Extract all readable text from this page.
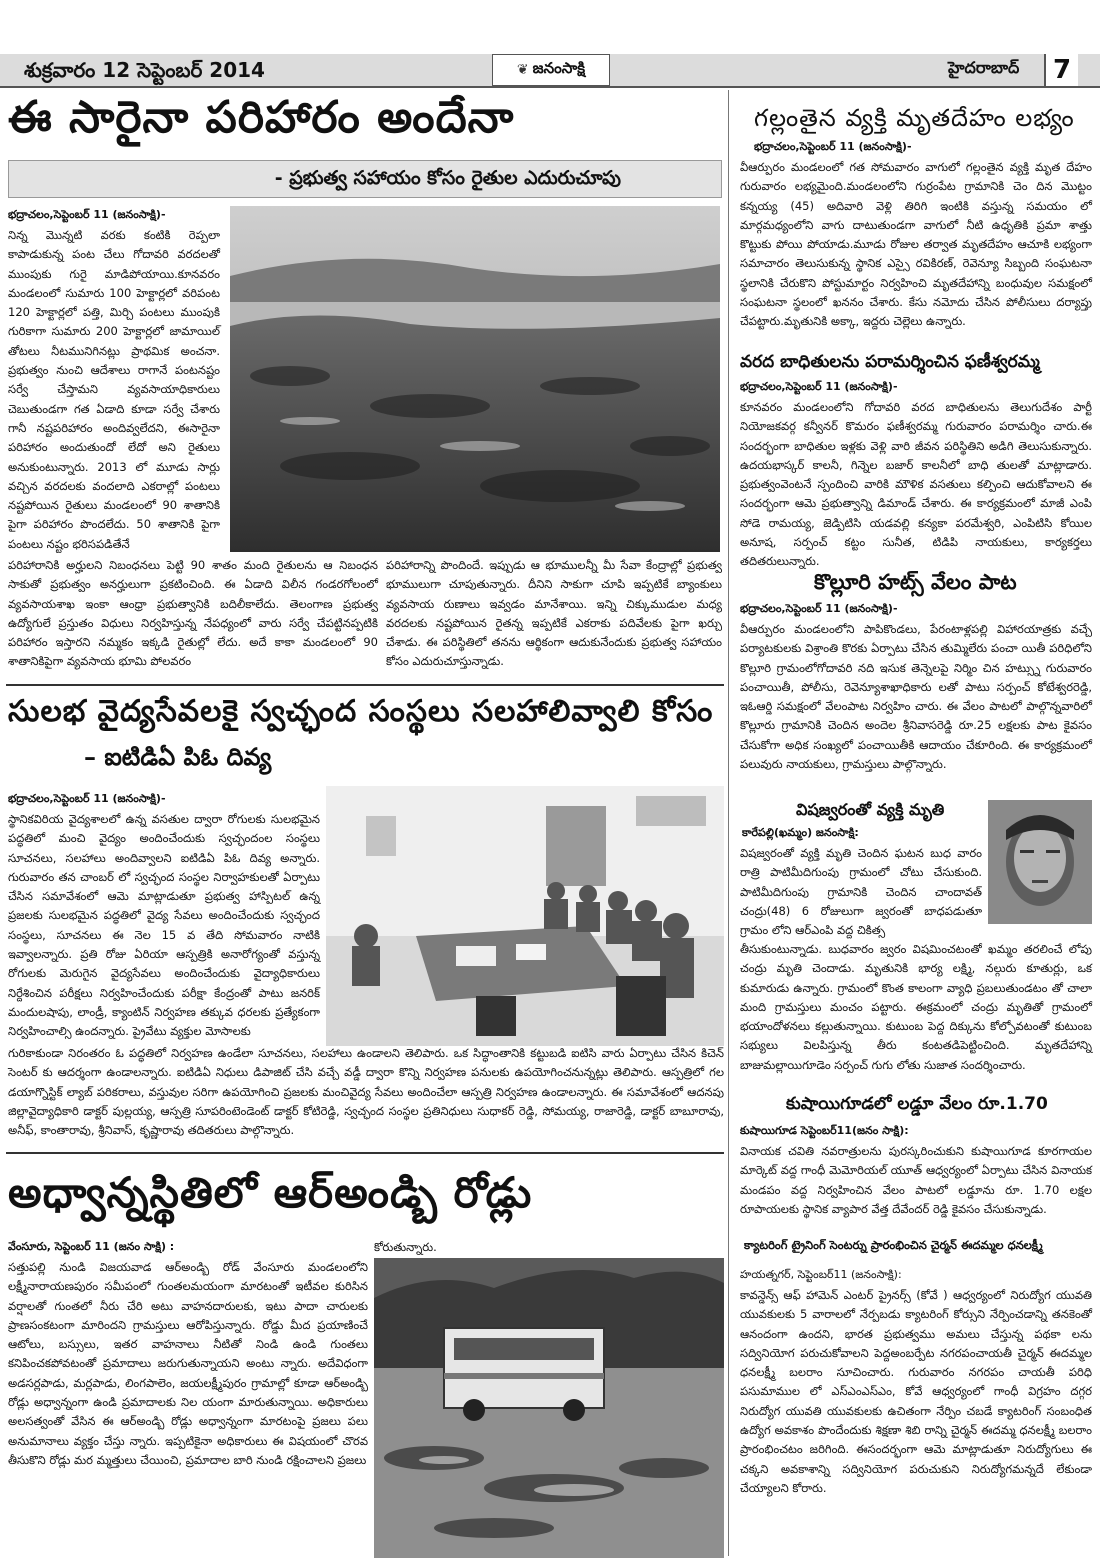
శుక్రవారం 12 సెప్టెంబర్ 2014	❦ జనంసాక్షి	హైదరాబాద్	7
ఈ సారైనా పరిహారం అందేనా
- ప్రభుత్వ సహాయం కోసం రైతుల ఎదురుచూపు
భద్రాచలం,సెప్టెంబర్ 11 (జనంసాక్షి)-
నిన్న మొన్నటి వరకు కంటికి రెప్పలా కాపాడుకున్న పంట చేలు గోదావరి వరదలతో ముంపుకు గురై మాడిపోయాయి.కూనవరం మండలంలో సుమారు 100 హెక్టార్లలో వరిపంట 120 హెక్టార్లలో పత్తి, మిర్చి పంటలు ముంపుకి గురికాగా సుమారు 200 హెక్టార్లలో జామాయిల్ తోటలు నీటమునిగినట్లు ప్రాథమిక అంచనా. ప్రభుత్వం నుంచి ఆదేశాలు రాగానే పంటనష్టం సర్వే చేస్తామని వ్యవసాయాధికారులు చెబుతుండగా గత ఏడాది కూడా సర్వే చేశారు గానీ నష్టపరిహారం అందివ్వలేదని, ఈసారైనా పరిహారం అందుతుందో లేదో అని రైతులు అనుకుంటున్నారు. 2013 లో మూడు సార్లు వచ్చిన వరదలకు వందలాది ఎకరాల్లో పంటలు నష్టపోయిన రైతులు మండలంలో 90 శాతానికి పైగా పరిహారం పొందలేదు. 50 శాతానికి పైగా పంటలు నష్టం భరిసపడితేనే
పరిహారానికి అర్హులని నిబంధనలు పెట్టి 90 శాతం మంది రైతులను ఆ నిబంధన సాకుతో ప్రభుత్వం అనర్హులుగా ప్రకటించింది. ఈ ఏడాది విలీన గండరగోలంలో వ్యవసాయశాఖ ఇంకా ఆంధ్రా ప్రభుత్వానికి బదిలీకాలేదు. తెలంగాణ ప్రభుత్వ ఉద్యోగులే ప్రస్తుతం విధులు నిర్వహిస్తున్న నేపధ్యంలో వారు సర్వే చేపట్టినప్పటికి పరిహారం ఇస్తారని నమ్మకం ఇక్కడి రైతుల్లో లేదు. అదే కాకా మండలంలో 90 శాతానికిపైగా వ్యవసాయ భూమి పోలవరం
పరిహారాన్ని పొందిందే. ఇప్పుడు ఆ భూములన్నీ మీ సేవా కేంద్రాల్లో ప్రభుత్వ భూములుగా చూపుతున్నారు. దీనిని సాకుగా చూపి ఇప్పటికే బ్యాంకులు వ్యవసాయ రుణాలు ఇవ్వడం మానేశాయి. ఇన్ని చిక్కుముడుల మధ్య వరదలకు నష్టపోయిన రైతన్న ఇప్పటికే ఎకరాకు పదివేలకు పైగా ఖర్చు చేశాడు. ఈ పరిస్థితిలో తనను ఆర్థికంగా ఆదుకునేందుకు ప్రభుత్వ సహాయం కోసం ఎదురుచూస్తున్నాడు.
సులభ వైద్యసేవలకై స్వచ్ఛంద సంస్థలు సలహాలివ్వాలి కోసం
– ఐటిడిఏ పిఓ దివ్య
భద్రాచలం,సెప్టెంబర్ 11 (జనంసాక్షి)-
స్థానికవిరియ వైద్యశాలలో ఉన్న వసతుల ద్వారా రోగులకు సులభమైన పద్ధతిలో మంచి వైద్యం అందించేందుకు స్వచ్ఛందంల సంస్థలు సూచనలు, సలహాలు అందివ్వాలని ఐటిడిఏ పిఓ దివ్య అన్నారు. గురువారం తన చాంబర్ లో స్వచ్ఛంద సంస్థల నిర్వాహకులతో ఏర్పాటు చేసిన సమావేశంలో ఆమె మాట్లాడుతూ ప్రభుత్వ హాస్పిటల్ ఉన్న ప్రజలకు సులభమైన పద్ధతిలో వైద్య సేవలు అందించేందుకు స్వచ్ఛంద సంస్థలు, సూచనలు ఈ నెల 15 వ తేది సోమవారం నాటికి ఇవ్వాలన్నారు. ప్రతి రోజు ఏరియా ఆస్పత్రికి అనారోగ్యంతో వస్తున్న రోగులకు మెరుగైన వైద్యసేవలు అందించేందుకు వైద్యాధికారులు నిర్దేశించిన పరీక్షలు నిర్వహించేందుకు పరీక్షా కేంద్రంతో పాటు జనరిక్ మందులషాపు, లాండ్రీ, క్యాంటిన్ నిర్వహణ తక్కువ ధరలకు ప్రత్యేకంగా నిర్వహించాల్సి ఉందన్నారు. ప్రైవేటు వ్యక్తుల మోసాలకు
గురికాకుండా నిరంతరం ఓ పద్ధతిలో నిర్వహణ ఉండేలా సూచనలు, సలహాలు ఉండాలని తెలిపారు. ఒక సిద్ధాంతానికి కట్టుబడి ఐటిసి వారు ఏర్పాటు చేసిన కిచెన్ సెంటర్ కు ఆదర్శంగా ఉండాలన్నారు. ఐటిడిఏ నిధులు డిపాజిట్ చేసి వచ్చే వడ్డీ ద్వారా కొన్ని నిర్వహణ పనులకు ఉపయోగించనున్నట్లు తెలిపారు. ఆస్పత్రిలో గల డయాగ్నొస్టిక్ ల్యాబ్ పరికరాలు, వస్తువుల సరిగా ఉపయోగించి ప్రజలకు మంచివైద్య సేవలు అందించేలా ఆస్పత్రి నిర్వహణ ఉండాలన్నారు. ఈ సమావేశంలో ఆదనపు జిల్లావైద్యాధికారి డాక్టర్ పుల్లయ్య, ఆస్పత్రి సూపరింటెండెంట్ డాక్టర్ కోటిరెడ్డి, స్వచ్ఛంద సంస్థల ప్రతినిధులు సుధాకర్ రెడ్డి, సోమయ్య, రాజారెడ్డి, డాక్టర్ బాబూరావు, అనీఫ్, కాంతారావు, శ్రీనివాస్, కృష్ణారావు తదితరులు పాల్గొన్నారు.
అధ్వాన్నస్థితిలో ఆర్అండ్బి రోడ్లు
వేంసూరు, సెప్టెంబర్ 11 (జనం సాక్షి) :
సత్తుపల్లి నుండి విజయవాడ ఆర్అండ్బి రోడ్ వేంసూరు మండలంలోని లక్ష్మీనారాయణపురం సమీపంలో గుంతలమయంగా మారటంతో ఇటీవల కురిసిన వర్షాలతో గుంతలో నీరు చేరి అటు వాహనదారులకు, ఇటు పాదా చారులకు ప్రాణసంకటంగా మారిందని గ్రామస్తులు ఆరోపిస్తున్నారు. రోడ్డు మీద ప్రయాణించే ఆటోలు, బస్సులు, ఇతర వాహనాలు నీటితో నిండి ఉండి గుంతలు కనిపించకపోవటంతో ప్రమాదాలు జరుగుతున్నాయని అంటు న్నారు. అదేవిధంగా అడసర్లపాడు, మర్లపాడు, లింగపాలెం, జయలక్ష్మీపురం గ్రామాల్లో కూడా ఆర్అండ్బి రోడ్లు అధ్వాన్నంగా ఉండి ప్రమాదాలకు నిల యంగా మారుతున్నాయి. అధికారులు అలసత్వంతో వేసిన ఈ ఆర్అండ్బి రోడ్లు అధ్వాన్నంగా మారటంపై ప్రజలు పలు అనుమానాలు వ్యక్తం చేస్తు న్నారు. ఇప్పటికైనా అధికారులు ఈ విషయంలో చొరవ తీసుకొని రోడ్లు మర మ్మత్తులు చేయించి, ప్రమాదాల బారి నుండి రక్షించాలని ప్రజలు
కోరుతున్నారు.
గల్లంతైన వ్యక్తి మృతదేహం లభ్యం
భద్రాచలం,సెప్టెంబర్ 11 (జనంసాక్షి)-
వీఆర్పురం మండలంలో గత సోమవారం వాగులో గల్లంతైన వ్యక్తి మృత దేహం గురువారం లభ్యమైంది.మండలంలోని గుర్రంపేట గ్రామానికి చెం దిన మొట్టం కన్నయ్య (45) అదివారి వెళ్లి తిరిగి ఇంటికి వస్తున్న సమయం లో మార్గమధ్యంలోని వాగు దాటుతుండగా వాగులో నీటి ఉధృతికి ప్రమా శాత్తు కొట్టుకు పోయి పోయాడు.మూడు రోజుల తర్వాత మృతదేహం ఆచూకి లభ్యంగా సమాచారం తెలుసుకున్న స్థానిక ఎస్సై రవికిరణ్, రెవెన్యూ సిబ్బంది సంఘటనా స్థలానికి చేరుకొని పోస్టుమార్టం నిర్వహించి మృతదేహాన్ని బంధువుల సమక్షంలో సంఘటనా స్థలంలో ఖననం చేశారు. కేసు నమోదు చేసిన పోలీసులు దర్యాప్తు చేపట్టారు.మృతునికి అక్కా, ఇద్దరు చెల్లెలు ఉన్నారు.
వరద బాధితులను పరామర్శించిన ఫణీశ్వరమ్మ
భద్రాచలం,సెప్టెంబర్ 11 (జనంసాక్షి)-
కూనవరం మండలంలోని గోదావరి వరద బాధితులను తెలుగుదేశం పార్టీ నియోజకవర్గ కన్వీనర్ కొమరం ఫణీశ్వరమ్మ గురువారం పరామర్శిం చారు.ఈ సందర్భంగా బాధితుల ఇళ్లకు వెళ్లి వారి జీవన పరిస్థితిని అడిగి తెలుసుకున్నారు. ఉదయభాస్కర్ కాలనీ, గిన్నెల బజార్ కాలనీలో బాధి తులతో మాట్లాడారు. ప్రభుత్వంవెంటనే స్పందించి వారికి మౌళిక వసతులు కల్పించి ఆదుకోవాలని ఈ సందర్భంగా ఆమె ప్రభుత్వాన్ని డిమాండ్ చేశారు. ఈ కార్యక్రమంలో మాజీ ఎంపి సోడె రామయ్య, జెడ్పిటిసి యడవల్లి కన్యకా పరమేశ్వరి, ఎంపిటిసి కోయిల అనూష, సర్పంచ్ కట్టం సునీత, టిడిపి నాయకులు, కార్యకర్తలు తదితరులున్నారు.
కొల్లూరి హట్స్ వేలం పాట
భద్రాచలం,సెప్టెంబర్ 11 (జనంసాక్షి)-
వీఆర్పురం మండలంలోని పాపికొండలు, పేరంటాళ్లపల్లి విహారయాత్రకు వచ్చే పర్యాటకులకు విశ్రాంతి కొరకు ఏర్పాటు చేసిన తుమ్మిలేరు పంచా యితీ పరిధిలోని కొల్లూరి గ్రామంలోగోదావరి నది ఇసుక తెన్నెలపై నిర్మిం చిన హట్స్ను గురువారం పంచాయితీ, పోలీసు, రెవెన్యూశాఖాధికారు లతో పాటు సర్పంచ్ కోటేశ్వరరెడ్డి, ఇఓఆర్డి సమక్షంలో వేలంపాట నిర్వహిం చారు. ఈ వేలం పాటలో పాల్గొన్నవారిలో కొల్లూరు గ్రామానికి చెందిన అందెల శ్రీనివాసరెడ్డి రూ.25 లక్షలకు పాట కైవసం చేసుకోగా అధిక సంఖ్యలో పంచాయితీకి ఆదాయం చేకూరింది. ఈ కార్యక్రమంలో పలువురు నాయకులు, గ్రామస్తులు పాల్గొన్నారు.
విషజ్వరంతో వ్యక్తి మృతి
కారేపల్లి(ఖమ్మం) జనంసాక్షి:
విషజ్వరంతో వ్యక్తి మృతి చెందిన ఘటన బుధ వారం రాత్రి పాటిమీదిగుంపు గ్రామంలో చోటు చేసుకుంది. పాటిమీదిగుంపు గ్రామానికి చెందిన చాందావత్ చంద్రు(48) 6 రోజులుగా జ్వరంతో బాధపడుతూ గ్రామం లోని ఆర్ఎంపి వద్ద చికిత్స
తీసుకుంటున్నాడు. బుధవారం జ్వరం విషమించటంతో ఖమ్మం తరలించే లోపు చంద్రు మృతి చెందాడు. మృతునికి భార్య లక్ష్మి, నల్గురు కూతుర్లు, ఒక కుమారుడు ఉన్నారు. గ్రామంలో కొంత కాలంగా వ్యాధి ప్రబలుతుండటం తో చాలా మంది గ్రామస్తులు మంచం పట్టారు. ఈక్రమంలో చంద్రు మృతితో గ్రామంలో భయాందోళనలు కల్లుతున్నాయి. కుటుంబ పెద్ద దిక్కును కోల్పోవటంతో కుటుంబ సభ్యులు విలపిస్తున్న తీరు కంటతడిపెట్టించింది. మృతదేహాన్ని బాజుమల్లాయిగూడెం సర్పంచ్ గుగు లోతు సుజాత సందర్శించారు.
కుషాయిగూడలో లడ్డూ వేలం రూ.1.70
కుషాయిగూడ సెప్టెంబర్11(జనం సాక్షి):
వినాయక చవితి నవరాత్రులను పురస్కరించుకుని కుషాయిగూడ కూరగాయల మార్కెట్ వద్ద గాంధీ మెమోరియల్ యూత్ ఆధ్వర్యంలో ఏర్పాటు చేసిన వినాయక మండపం వద్ద నిర్వహించిన వేలం పాటలో లడ్డూను రూ. 1.70 లక్షల రూపాయలకు స్థానిక వ్యాపార వేత్త దేవేందర్ రెడ్డి కైవసం చేసుకున్నాడు.
క్యాటరింగ్ ట్రైనింగ్ సెంటర్ను ప్రారంభించిన చైర్మన్ ఈదమ్మల ధనలక్ష్మీ
హయత్నగర్, సెప్టెంబర్11 (జనంసాక్షి):
కావన్డెన్స్ ఆఫ్ హామెన్ ఎంటర్ ప్రైనర్స్ (కోవే ) ఆధ్వర్యంలో నిరుద్యోగ యువతి యువకులకు 5 వారాలలో నేర్పబడు క్యాటరింగ్ కోర్సుని నేర్పించడాన్ని తనకెంతో ఆనందంగా ఉందని, భారత ప్రభుత్వము అమలు చేస్తున్న పథకా లను సద్వినియోగ పరుచుకోవాలని పెద్దఅంబర్పేట నగరపంచాయతీ చైర్మన్ ఈదమ్మల ధనలక్ష్మీ బలరాం సూచించారు. గురువారం నగరపం చాయతీ పరిధి పసుమాముల లో ఎస్ఎంఎస్ఎం, కోవే ఆధ్వర్యంలో గాంధీ విగ్రహం దగ్గర నిరుద్యోగ యువతి యువకులకు ఉచితంగా నేర్పిం చబడే క్యాటరింగ్ సంబంధిత ఉద్యోగ అవకాశం పొందేందుకు శిక్షణా శిబి రాన్ని చైర్మన్ ఈదమ్మ ధనలక్ష్మీ బలరాం ప్రారంభించటం జరిగింది. ఈసందర్భంగా ఆమె మాట్లాడుతూ నిరుద్యోగులు ఈ చక్కని అవకాశాన్ని సద్వినియోగ పరుచుకుని నిరుద్యోగమన్నదే లేకుండా చేయ్యాలని కోరారు.
